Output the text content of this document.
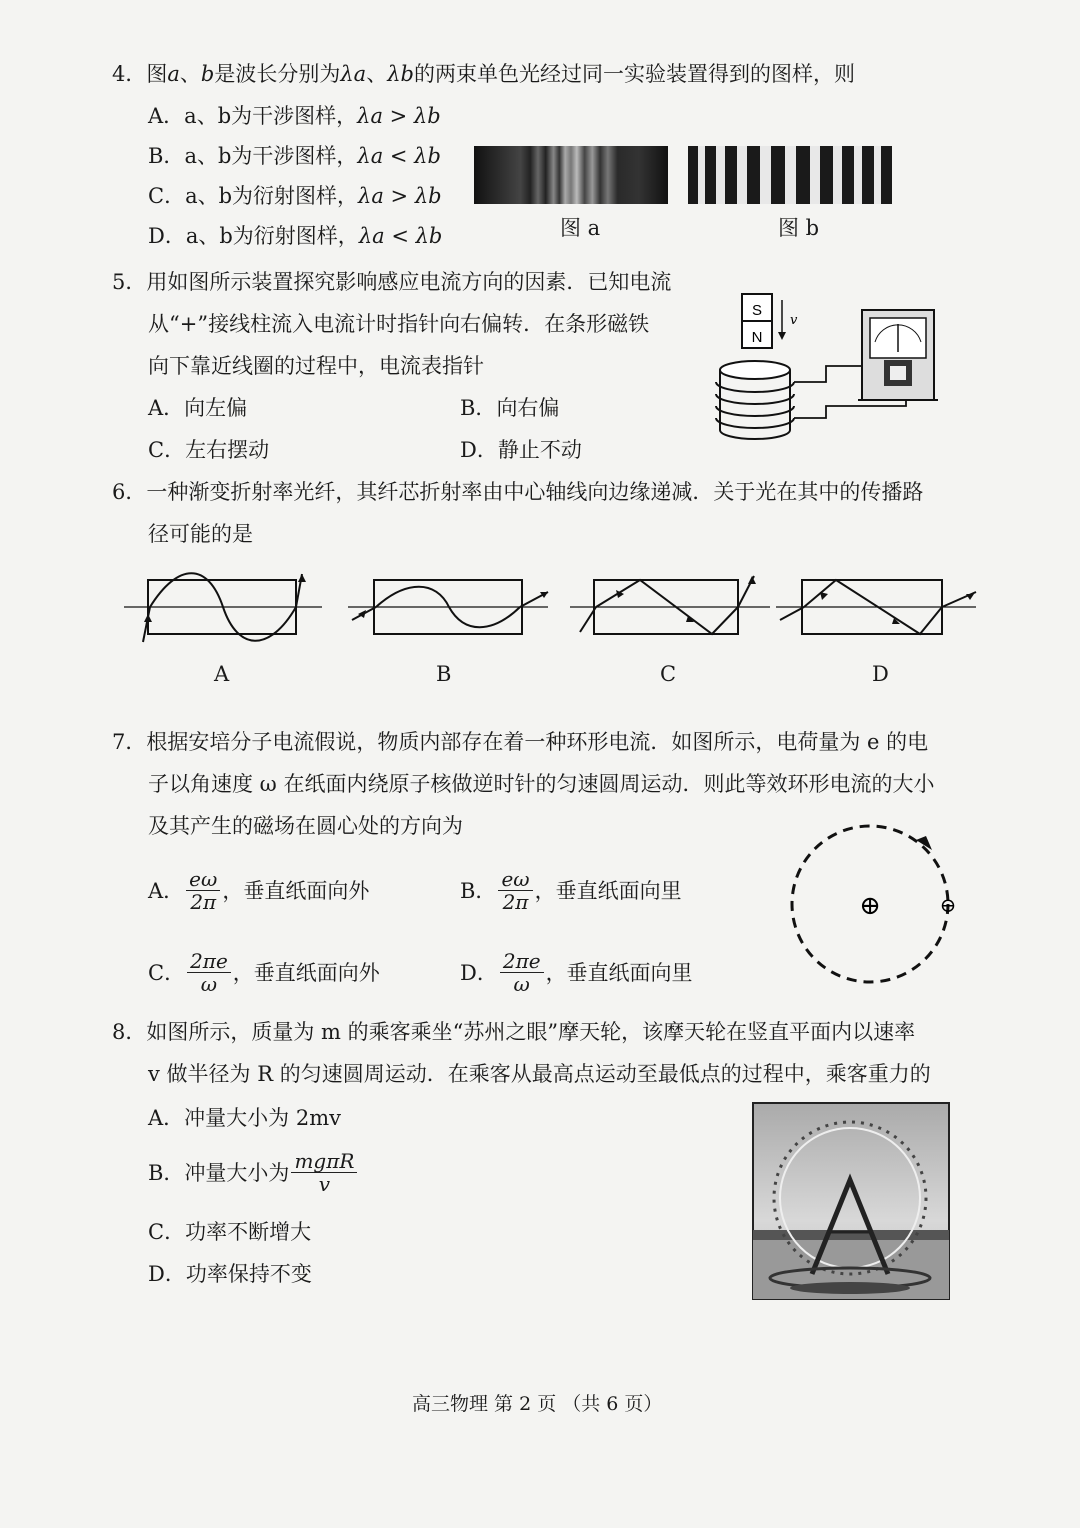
4．图a、b是波长分别为λa、λb的两束单色光经过同一实验装置得到的图样，则
A．a、b为干涉图样，λa > λb
B．a、b为干涉图样，λa < λb
C．a、b为衍射图样，λa > λb
D．a、b为衍射图样，λa < λb	图 a	图 b
5．用如图所示装置探究影响感应电流方向的因素．已知电流
从“+”接线柱流入电流计时指针向右偏转．在条形磁铁
向下靠近线圈的过程中，电流表指针
A．向左偏	B．向右偏
C．左右摆动	D．静止不动
S
N
v
6．一种渐变折射率光纤，其纤芯折射率由中心轴线向边缘递减．关于光在其中的传播路
径可能的是
A	B	C	D
7．根据安培分子电流假说，物质内部存在着一种环形电流．如图所示，电荷量为 e 的电
子以角速度 ω 在纸面内绕原子核做逆时针的匀速圆周运动．则此等效环形电流的大小
及其产生的磁场在圆心处的方向为
A． $\frac{e\omega}{2\pi}$ ，垂直纸面向外	B． $\frac{e\omega}{2\pi}$ ，垂直纸面向里
C． $\frac{2\pi e}{\omega}$ ，垂直纸面向外	D． $\frac{2\pi e}{\omega}$ ，垂直纸面向里
⊕	⊖
8．如图所示，质量为 m 的乘客乘坐“苏州之眼”摩天轮，该摩天轮在竖直平面内以速率
v 做半径为 R 的匀速圆周运动．在乘客从最高点运动至最低点的过程中，乘客重力的
A．冲量大小为 2mv
B． 冲量大小为 $\frac{\text{mgπR}}{v}$
C．功率不断增大
D．功率保持不变
高三物理 第 2 页 （共 6 页）
